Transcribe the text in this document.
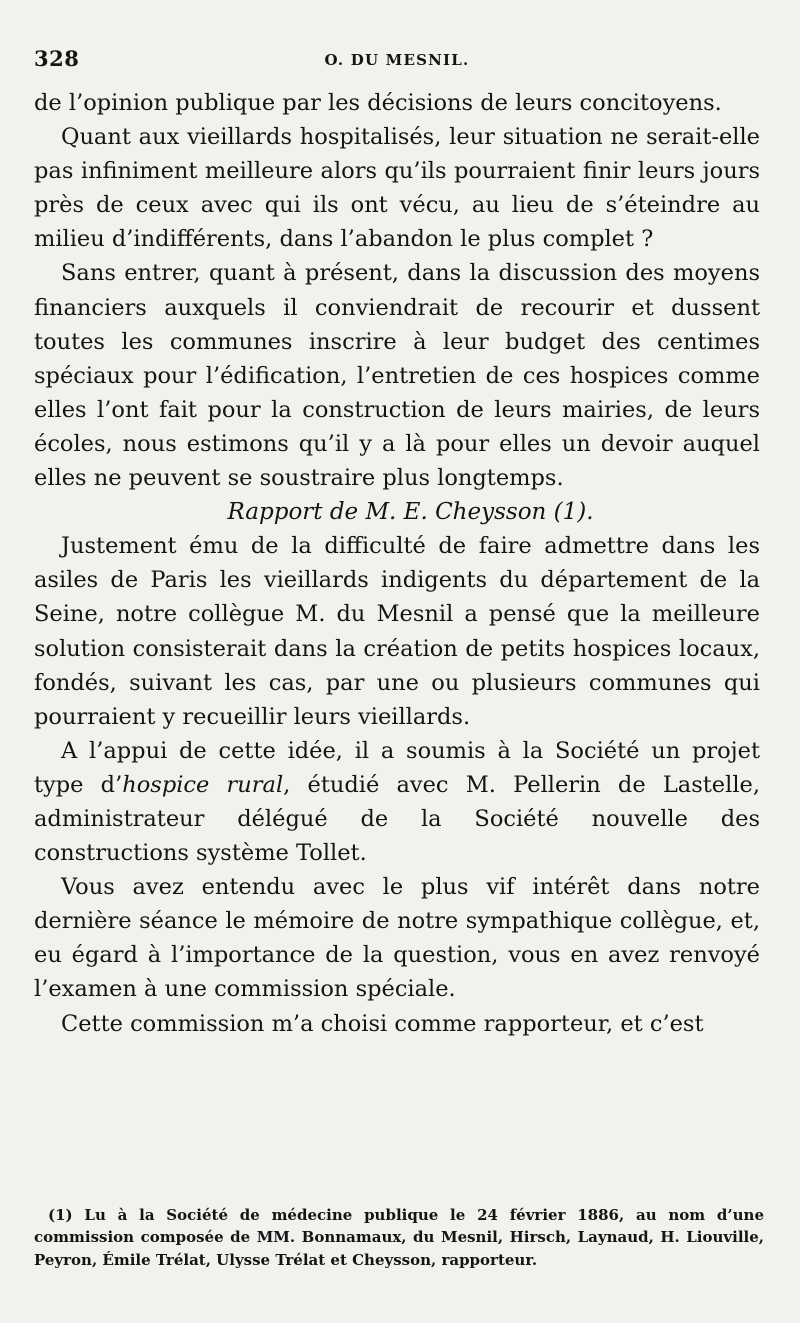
328	O. DU MESNIL.

de l’opinion publique par les décisions de leurs concitoyens.

Quant aux vieillards hospitalisés, leur situation ne serait-elle pas infiniment meilleure alors qu’ils pourraient finir leurs jours près de ceux avec qui ils ont vécu, au lieu de s’éteindre au milieu d’indifférents, dans l’abandon le plus complet ?

Sans entrer, quant à présent, dans la discussion des moyens financiers auxquels il conviendrait de recourir et dussent toutes les communes inscrire à leur budget des centimes spéciaux pour l’édification, l’entretien de ces hospices comme elles l’ont fait pour la construction de leurs mairies, de leurs écoles, nous estimons qu’il y a là pour elles un devoir auquel elles ne peuvent se soustraire plus longtemps.

Rapport de M. E. Cheysson (1).

Justement ému de la difficulté de faire admettre dans les asiles de Paris les vieillards indigents du département de la Seine, notre collègue M. du Mesnil a pensé que la meilleure solution consisterait dans la création de petits hospices locaux, fondés, suivant les cas, par une ou plusieurs communes qui pourraient y recueillir leurs vieillards.

A l’appui de cette idée, il a soumis à la Société un projet type d’hospice rural, étudié avec M. Pellerin de Lastelle, administrateur délégué de la Société nouvelle des constructions système Tollet.

Vous avez entendu avec le plus vif intérêt dans notre dernière séance le mémoire de notre sympathique collègue, et, eu égard à l’importance de la question, vous en avez renvoyé l’examen à une commission spéciale.

Cette commission m’a choisi comme rapporteur, et c’est

(1) Lu à la Société de médecine publique le 24 février 1886, au nom d’une commission composée de MM. Bonnamaux, du Mesnil, Hirsch, Laynaud, H. Liouville, Peyron, Émile Trélat, Ulysse Trélat et Cheysson, rapporteur.
